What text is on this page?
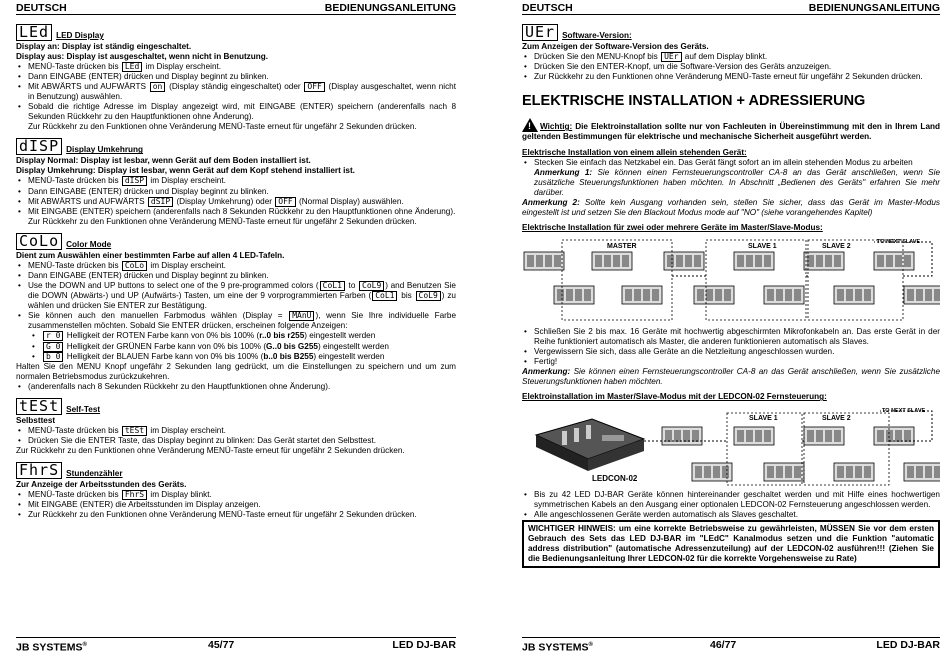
DEUTSCH	BEDIENUNGSANLEITUNG
LEd LED Display
Display an: Display ist ständig eingeschaltet.
Display aus: Display ist ausgeschaltet, wenn nicht in Benutzung.
• MENÜ-Taste drücken bis LEd im Display erscheint.
• Dann EINGABE (ENTER) drücken und Display beginnt zu blinken.
• Mit ABWÄRTS und AUFWÄRTS on (Display ständig eingeschaltet) oder OFF (Display ausgeschaltet, wenn nicht in Benutzung) auswählen.
• Sobald die richtige Adresse im Display angezeigt wird, mit EINGABE (ENTER) speichern (anderenfalls nach 8 Sekunden Rückkehr zu den Hauptfunktionen ohne Änderung).

Zur Rückkehr zu den Funktionen ohne Veränderung MENÜ-Taste erneut für ungefähr 2 Sekunden drücken.

dISP Display Umkehrung
Display Normal: Display ist lesbar, wenn Gerät auf dem Boden installiert ist.
Display Umkehrung: Display ist lesbar, wenn Gerät auf dem Kopf stehend installiert ist.
• MENÜ-Taste drücken bis dISP im Display erscheint.
• Dann EINGABE (ENTER) drücken und Display beginnt zu blinken.
• Mit ABWÄRTS und AUFWÄRTS dSIP (Display Umkehrung) oder OFF (Normal Display) auswählen.
• Mit EINGABE (ENTER) speichern (anderenfalls nach 8 Sekunden Rückkehr zu den Hauptfunktionen ohne Änderung).

Zur Rückkehr zu den Funktionen ohne Veränderung MENÜ-Taste erneut für ungefähr 2 Sekunden drücken.

CoLo Color Mode
Dient zum Auswählen einer bestimmten Farbe auf allen 4 LED-Tafeln.
• MENÜ-Taste drücken bis CoLo im Display erscheint.
• Dann EINGABE (ENTER) drücken und Display beginnt zu blinken.
• Use the DOWN and UP buttons to select one of the 9 pre-programmed colors ( CoL1 to CoL9 ) and Benutzen Sie die DOWN (Abwärts-) und UP (Aufwärts-) Tasten, um eine der 9 vorprogrammierten Farben ( CoL1 bis CoL9 ) zu wählen und drücken Sie ENTER zur Bestätigung.
• Sie können auch den manuellen Farbmodus wählen (Display = MAnU ), wenn Sie Ihre individuelle Farbe zusammenstellen möchten. Sobald Sie ENTER drücken, erscheinen folgende Anzeigen:
• r 0 Helligkeit der ROTEN Farbe kann von 0% bis 100% (r..0 bis r255) eingestellt werden
• G 0 Helligkeit der GRÜNEN Farbe kann von 0% bis 100% (G..0 bis G255) eingestellt werden
• b 0 Helligkeit der BLAUEN Farbe kann von 0% bis 100% (b..0 bis B255) eingestellt werden

Halten Sie den MENU Knopf ungefähr 2 Sekunden lang gedrückt, um die Einstellungen zu speichern und um zum normalen Betriebsmodus zurückzukehren.

• (anderenfalls nach 8 Sekunden Rückkehr zu den Hauptfunktionen ohne Änderung).
tESt Self-Test
Selbsttest
• MENÜ-Taste drücken bis tESt im Display erscheint.
• Drücken Sie die ENTER Taste, das Display beginnt zu blinken: Das Gerät startet den Selbsttest.

Zur Rückkehr zu den Funktionen ohne Veränderung MENÜ-Taste erneut für ungefähr 2 Sekunden drücken.

FhrS Stundenzähler
Zur Anzeige der Arbeitsstunden des Geräts.
• MENÜ-Taste drücken bis FhrS im Display blinkt.
• Mit EINGABE (ENTER) die Arbeitsstunden im Display anzeigen.
• Zur Rückkehr zu den Funktionen ohne Veränderung MENÜ-Taste erneut für ungefähr 2 Sekunden drücken.
JB SYSTEMS®	45/77	LED DJ-BAR
DEUTSCH	BEDIENUNGSANLEITUNG
UEr Software-Version:
Zum Anzeigen der Software-Version des Geräts.
• Drücken Sie den MENU-Knopf bis UEr auf dem Display blinkt.
• Drücken Sie den ENTER-Knopf, um die Software-Version des Geräts anzuzeigen.
• Zur Rückkehr zu den Funktionen ohne Veränderung MENÜ-Taste erneut für ungefähr 2 Sekunden drücken.
ELEKTRISCHE INSTALLATION + ADRESSIERUNG

! Wichtig: Die Elektroinstallation sollte nur von Fachleuten in Übereinstimmung mit den in Ihrem Land geltenden Bestimmungen für elektrische und mechanische Sicherheit ausgeführt werden.

Elektrische Installation von einem allein stehenden Gerät:
• Stecken Sie einfach das Netzkabel ein. Das Gerät fängt sofort an im allein stehenden Modus zu arbeiten

Anmerkung 1: Sie können einen Fernsteuerungscontroller CA-8 an das Gerät anschließen, wenn Sie zusätzliche Steuerungsfunktionen haben möchten. In Abschnitt „Bedienen des Geräts" erfahren Sie mehr darüber.

Anmerkung 2: Sollte kein Ausgang vorhanden sein, stellen Sie sicher, dass das Gerät im Master-Modus eingestellt ist und setzen Sie den Blackout Modus mode auf "NO" (siehe vorangehendes Kapitel)

Elektrische Installation für zwei oder mehrere Geräte im Master/Slave-Modus:
MASTER	SLAVE 1	SLAVE 2
TO NEXT SLAVE
• Schließen Sie 2 bis max. 16 Geräte mit hochwertig abgeschirmten Mikrofonkabeln an. Das erste Gerät in der Reihe funktioniert automatisch als Master, die anderen funktionieren automatisch als Slaves.
• Vergewissern Sie sich, dass alle Geräte an die Netzleitung angeschlossen wurden.
• Fertig!

Anmerkung: Sie können einen Fernsteuerungscontroller CA-8 an das Gerät anschließen, wenn Sie zusätzliche Steuerungsfunktionen haben möchten.

Elektroinstallation im Master/Slave-Modus mit der LEDCON-02 Fernsteuerung:
LEDCON-02
SLAVE 1	SLAVE 2
TO NEXT SLAVE
• Bis zu 42 LED DJ-BAR Geräte können hintereinander geschaltet werden und mit Hilfe eines hochwertigen symmetrischen Kabels an den Ausgang einer optionalen LEDCON-02 Fernsteuerung angeschlossen werden.
• Alle angeschlossenen Geräte werden automatisch als Slaves geschaltet.
WICHTIGER HINWEIS: um eine korrekte Betriebsweise zu gewährleisten, MÜSSEN Sie vor dem ersten Gebrauch des Sets das LED DJ-BAR im "LEdC" Kanalmodus setzen und die Funktion "automatic address distribution" (automatische Adressenzuteilung) auf der LEDCON-02 ausführen!!! (Ziehen Sie die Bedienungsanleitung Ihrer LEDCON-02 für die korrekte Vorgehensweise zu Rate)
JB SYSTEMS®	46/77	LED DJ-BAR
